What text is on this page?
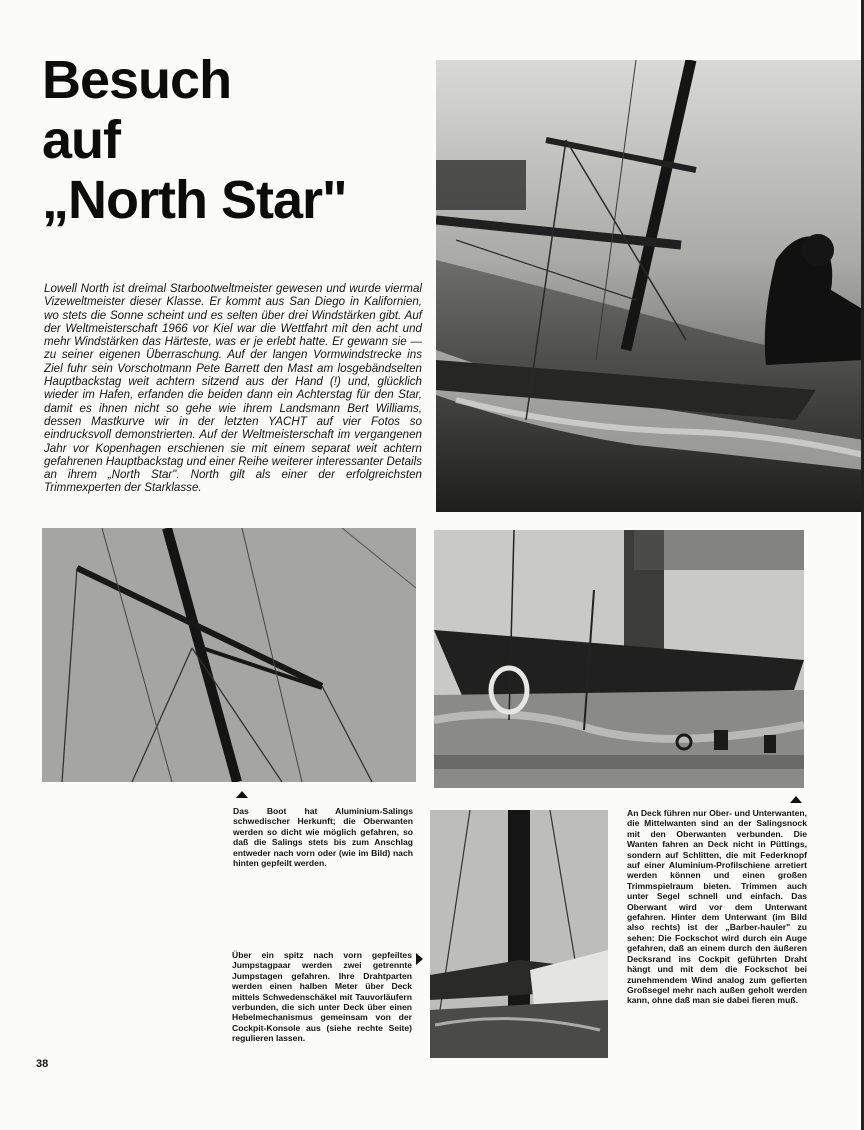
Besuch
auf
„North Star"

Lowell North ist dreimal Starbootweltmeister gewesen und wurde viermal Vizeweltmeister dieser Klasse. Er kommt aus San Diego in Kalifornien, wo stets die Sonne scheint und es selten über drei Windstärken gibt. Auf der Weltmeisterschaft 1966 vor Kiel war die Wettfahrt mit den acht und mehr Windstärken das Härteste, was er je erlebt hatte. Er gewann sie — zu seiner eigenen Überraschung. Auf der langen Vormwindstrecke ins Ziel fuhr sein Vorschotmann Pete Barrett den Mast am losgebändselten Hauptbackstag weit achtern sitzend aus der Hand (!) und, glücklich wieder im Hafen, erfanden die beiden dann ein Achterstag für den Star, damit es ihnen nicht so gehe wie ihrem Landsmann Bert Williams, dessen Mastkurve wir in der letzten YACHT auf vier Fotos so eindrucksvoll demonstrierten. Auf der Weltmeisterschaft im vergangenen Jahr vor Kopenhagen erschienen sie mit einem separat weit achtern gefahrenen Hauptbackstag und einer Reihe weiterer interessanter Details an ihrem „North Star". North gilt als einer der erfolgreichsten Trimmexperten der Starklasse.

Das Boot hat Aluminium-Salings schwedischer Herkunft; die Oberwanten werden so dicht wie möglich gefahren, so daß die Salings stets bis zum Anschlag entweder nach vorn oder (wie im Bild) nach hinten gepfeilt werden.

Über ein spitz nach vorn gepfeiltes Jumpstagpaar werden zwei getrennte Jumpstagen gefahren. Ihre Drahtparten werden einen halben Meter über Deck mittels Schwedenschäkel mit Tauvorläufern verbunden, die sich unter Deck über einen Hebelmechanismus gemeinsam von der Cockpit-Konsole aus (siehe rechte Seite) regulieren lassen.

An Deck führen nur Ober- und Unterwanten, die Mittelwanten sind an der Salingsnock mit den Oberwanten verbunden. Die Wanten fahren an Deck nicht in Püttings, sondern auf Schlitten, die mit Federknopf auf einer Aluminium-Profilschiene arretiert werden können und einen großen Trimmspielraum bieten. Trimmen auch unter Segel schnell und einfach. Das Oberwant wird vor dem Unterwant gefahren. Hinter dem Unterwant (im Bild also rechts) ist der „Barber-hauler" zu sehen: Die Fockschot wird durch ein Auge gefahren, daß an einem durch den äußeren Decksrand ins Cockpit geführten Draht hängt und mit dem die Fockschot bei zunehmendem Wind analog zum gefierten Großsegel mehr nach außen geholt werden kann, ohne daß man sie dabei fieren muß.

38
